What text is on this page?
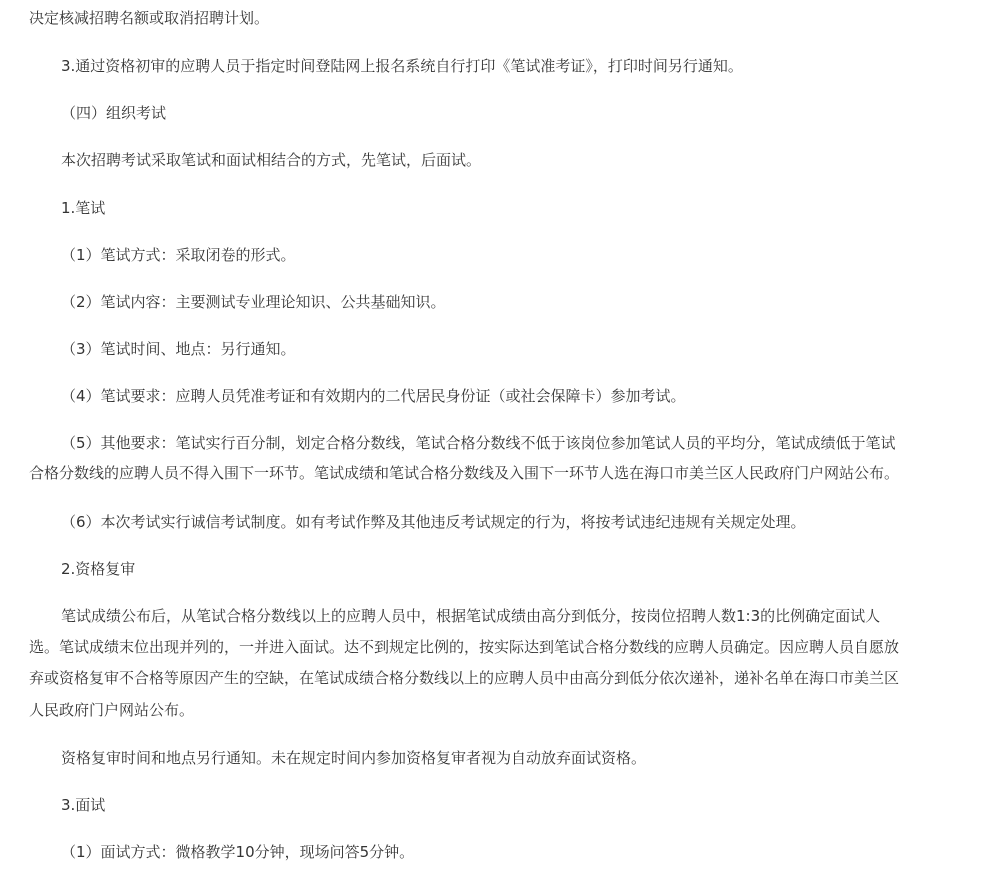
决定核减招聘名额或取消招聘计划。
3.通过资格初审的应聘人员于指定时间登陆网上报名系统自行打印《笔试准考证》，打印时间另行通知。
（四）组织考试
本次招聘考试采取笔试和面试相结合的方式，先笔试，后面试。
1.笔试
（1）笔试方式：采取闭卷的形式。
（2）笔试内容：主要测试专业理论知识、公共基础知识。
（3）笔试时间、地点：另行通知。
（4）笔试要求：应聘人员凭准考证和有效期内的二代居民身份证（或社会保障卡）参加考试。
（5）其他要求：笔试实行百分制，划定合格分数线，笔试合格分数线不低于该岗位参加笔试人员的平均分，笔试成绩低于笔试
合格分数线的应聘人员不得入围下一环节。笔试成绩和笔试合格分数线及入围下一环节人选在海口市美兰区人民政府门户网站公布。
（6）本次考试实行诚信考试制度。如有考试作弊及其他违反考试规定的行为，将按考试违纪违规有关规定处理。
2.资格复审
笔试成绩公布后，从笔试合格分数线以上的应聘人员中，根据笔试成绩由高分到低分，按岗位招聘人数1:3的比例确定面试人
选。笔试成绩末位出现并列的，一并进入面试。达不到规定比例的，按实际达到笔试合格分数线的应聘人员确定。因应聘人员自愿放
弃或资格复审不合格等原因产生的空缺，在笔试成绩合格分数线以上的应聘人员中由高分到低分依次递补，递补名单在海口市美兰区
人民政府门户网站公布。
资格复审时间和地点另行通知。未在规定时间内参加资格复审者视为自动放弃面试资格。
3.面试
（1）面试方式：微格教学10分钟，现场问答5分钟。
